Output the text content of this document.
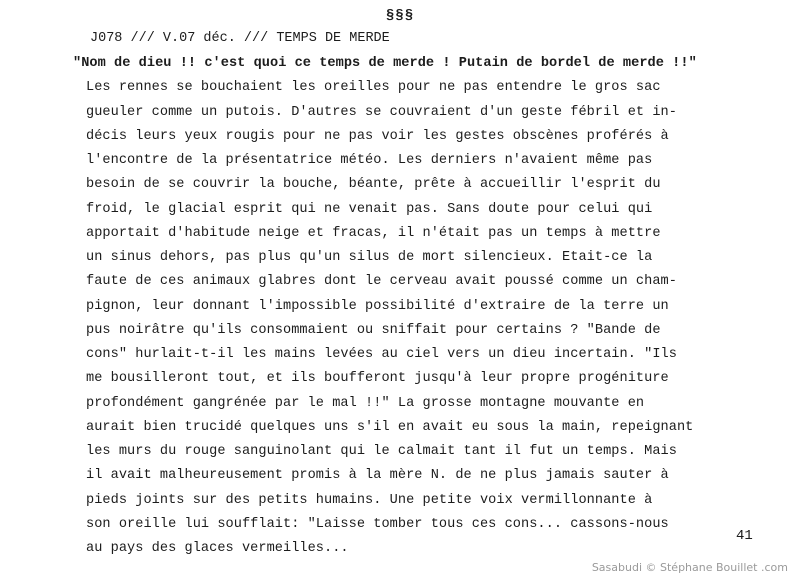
§§§
J078 /// V.07 déc. /// TEMPS DE MERDE
"Nom de dieu !! c'est quoi ce temps de merde ! Putain de bordel de merde !!"
Les rennes se bouchaient les oreilles pour ne pas entendre le gros sac
gueuler comme un putois. D'autres se couvraient d'un geste fébril et in-
décis leurs yeux rougis pour ne pas voir les gestes obscènes proférés à
l'encontre de la présentatrice météo. Les derniers n'avaient même pas
besoin de se couvrir la bouche, béante, prête à accueillir l'esprit du
froid, le glacial esprit qui ne venait pas. Sans doute pour celui qui
apportait d'habitude neige et fracas, il n'était pas un temps à mettre
un sinus dehors, pas plus qu'un silus de mort silencieux. Etait-ce la
faute de ces animaux glabres dont le cerveau avait poussé comme un cham-
pignon, leur donnant l'impossible possibilité d'extraire de la terre un
pus noirâtre qu'ils consommaient ou sniffait pour certains ? "Bande de
cons" hurlait-t-il les mains levées au ciel vers un dieu incertain. "Ils
me bousilleront tout, et ils boufferont jusqu'à leur propre progéniture
profondément gangrénée par le mal !!" La grosse montagne mouvante en
aurait bien trucidé quelques uns s'il en avait eu sous la main, repeignant
les murs du rouge sanguinolant qui le calmait tant il fut un temps. Mais
il avait malheureusement promis à la mère N. de ne plus jamais sauter à
pieds joints sur des petits humains. Une petite voix vermillonnante à
son oreille lui soufflait: "Laisse tomber tous ces cons... cassons-nous
au pays des glaces vermeilles...
41
Sasabudi © Stéphane Bouillet .com
